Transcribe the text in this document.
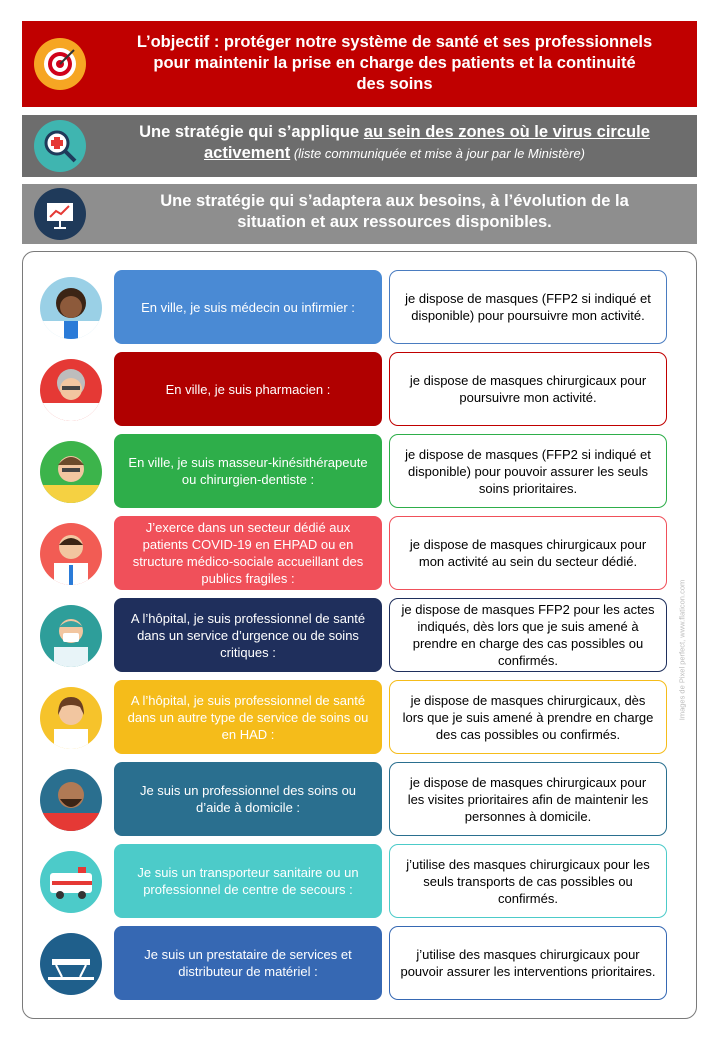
L’objectif : protéger notre système de santé et ses professionnels
pour maintenir la prise en charge des patients et la continuité
des soins
Une stratégie qui s’applique au sein des zones où le virus circule activement (liste communiquée et mise à jour par le Ministère)
Une stratégie qui s’adaptera aux besoins, à l’évolution de la
situation et aux ressources disponibles.
En ville, je suis médecin ou infirmier :
je dispose de masques (FFP2 si indiqué et disponible) pour poursuivre mon activité.
En ville, je suis pharmacien :
je dispose de masques chirurgicaux pour poursuivre mon activité.
En ville, je suis masseur-kinésithérapeute ou chirurgien-dentiste :
je dispose de masques (FFP2 si indiqué et disponible) pour pouvoir assurer les seuls soins prioritaires.
J’exerce dans un secteur dédié aux patients COVID-19 en EHPAD ou en structure médico-sociale accueillant des publics fragiles :
je dispose de masques chirurgicaux pour mon activité au sein du secteur dédié.
A l’hôpital, je suis professionnel de santé dans un service d’urgence ou de soins critiques :
je dispose de masques FFP2 pour les actes indiqués, dès lors que je suis amené à prendre en charge des cas possibles ou confirmés.
A l’hôpital, je suis professionnel de santé dans un autre type de service de soins ou en HAD :
je dispose de masques chirurgicaux, dès lors que je suis amené à prendre en charge des cas possibles ou confirmés.
Je suis un professionnel des soins ou d’aide à domicile :
je dispose de masques chirurgicaux pour les visites prioritaires afin de maintenir les personnes à domicile.
Je suis un transporteur sanitaire ou un professionnel de centre de secours :
j’utilise des masques chirurgicaux pour les seuls transports de cas possibles ou confirmés.
Je suis un prestataire de services et distributeur de matériel :
j’utilise des masques chirurgicaux pour pouvoir assurer les interventions prioritaires.
Images de Pixel perfect, www.flaticon.com
